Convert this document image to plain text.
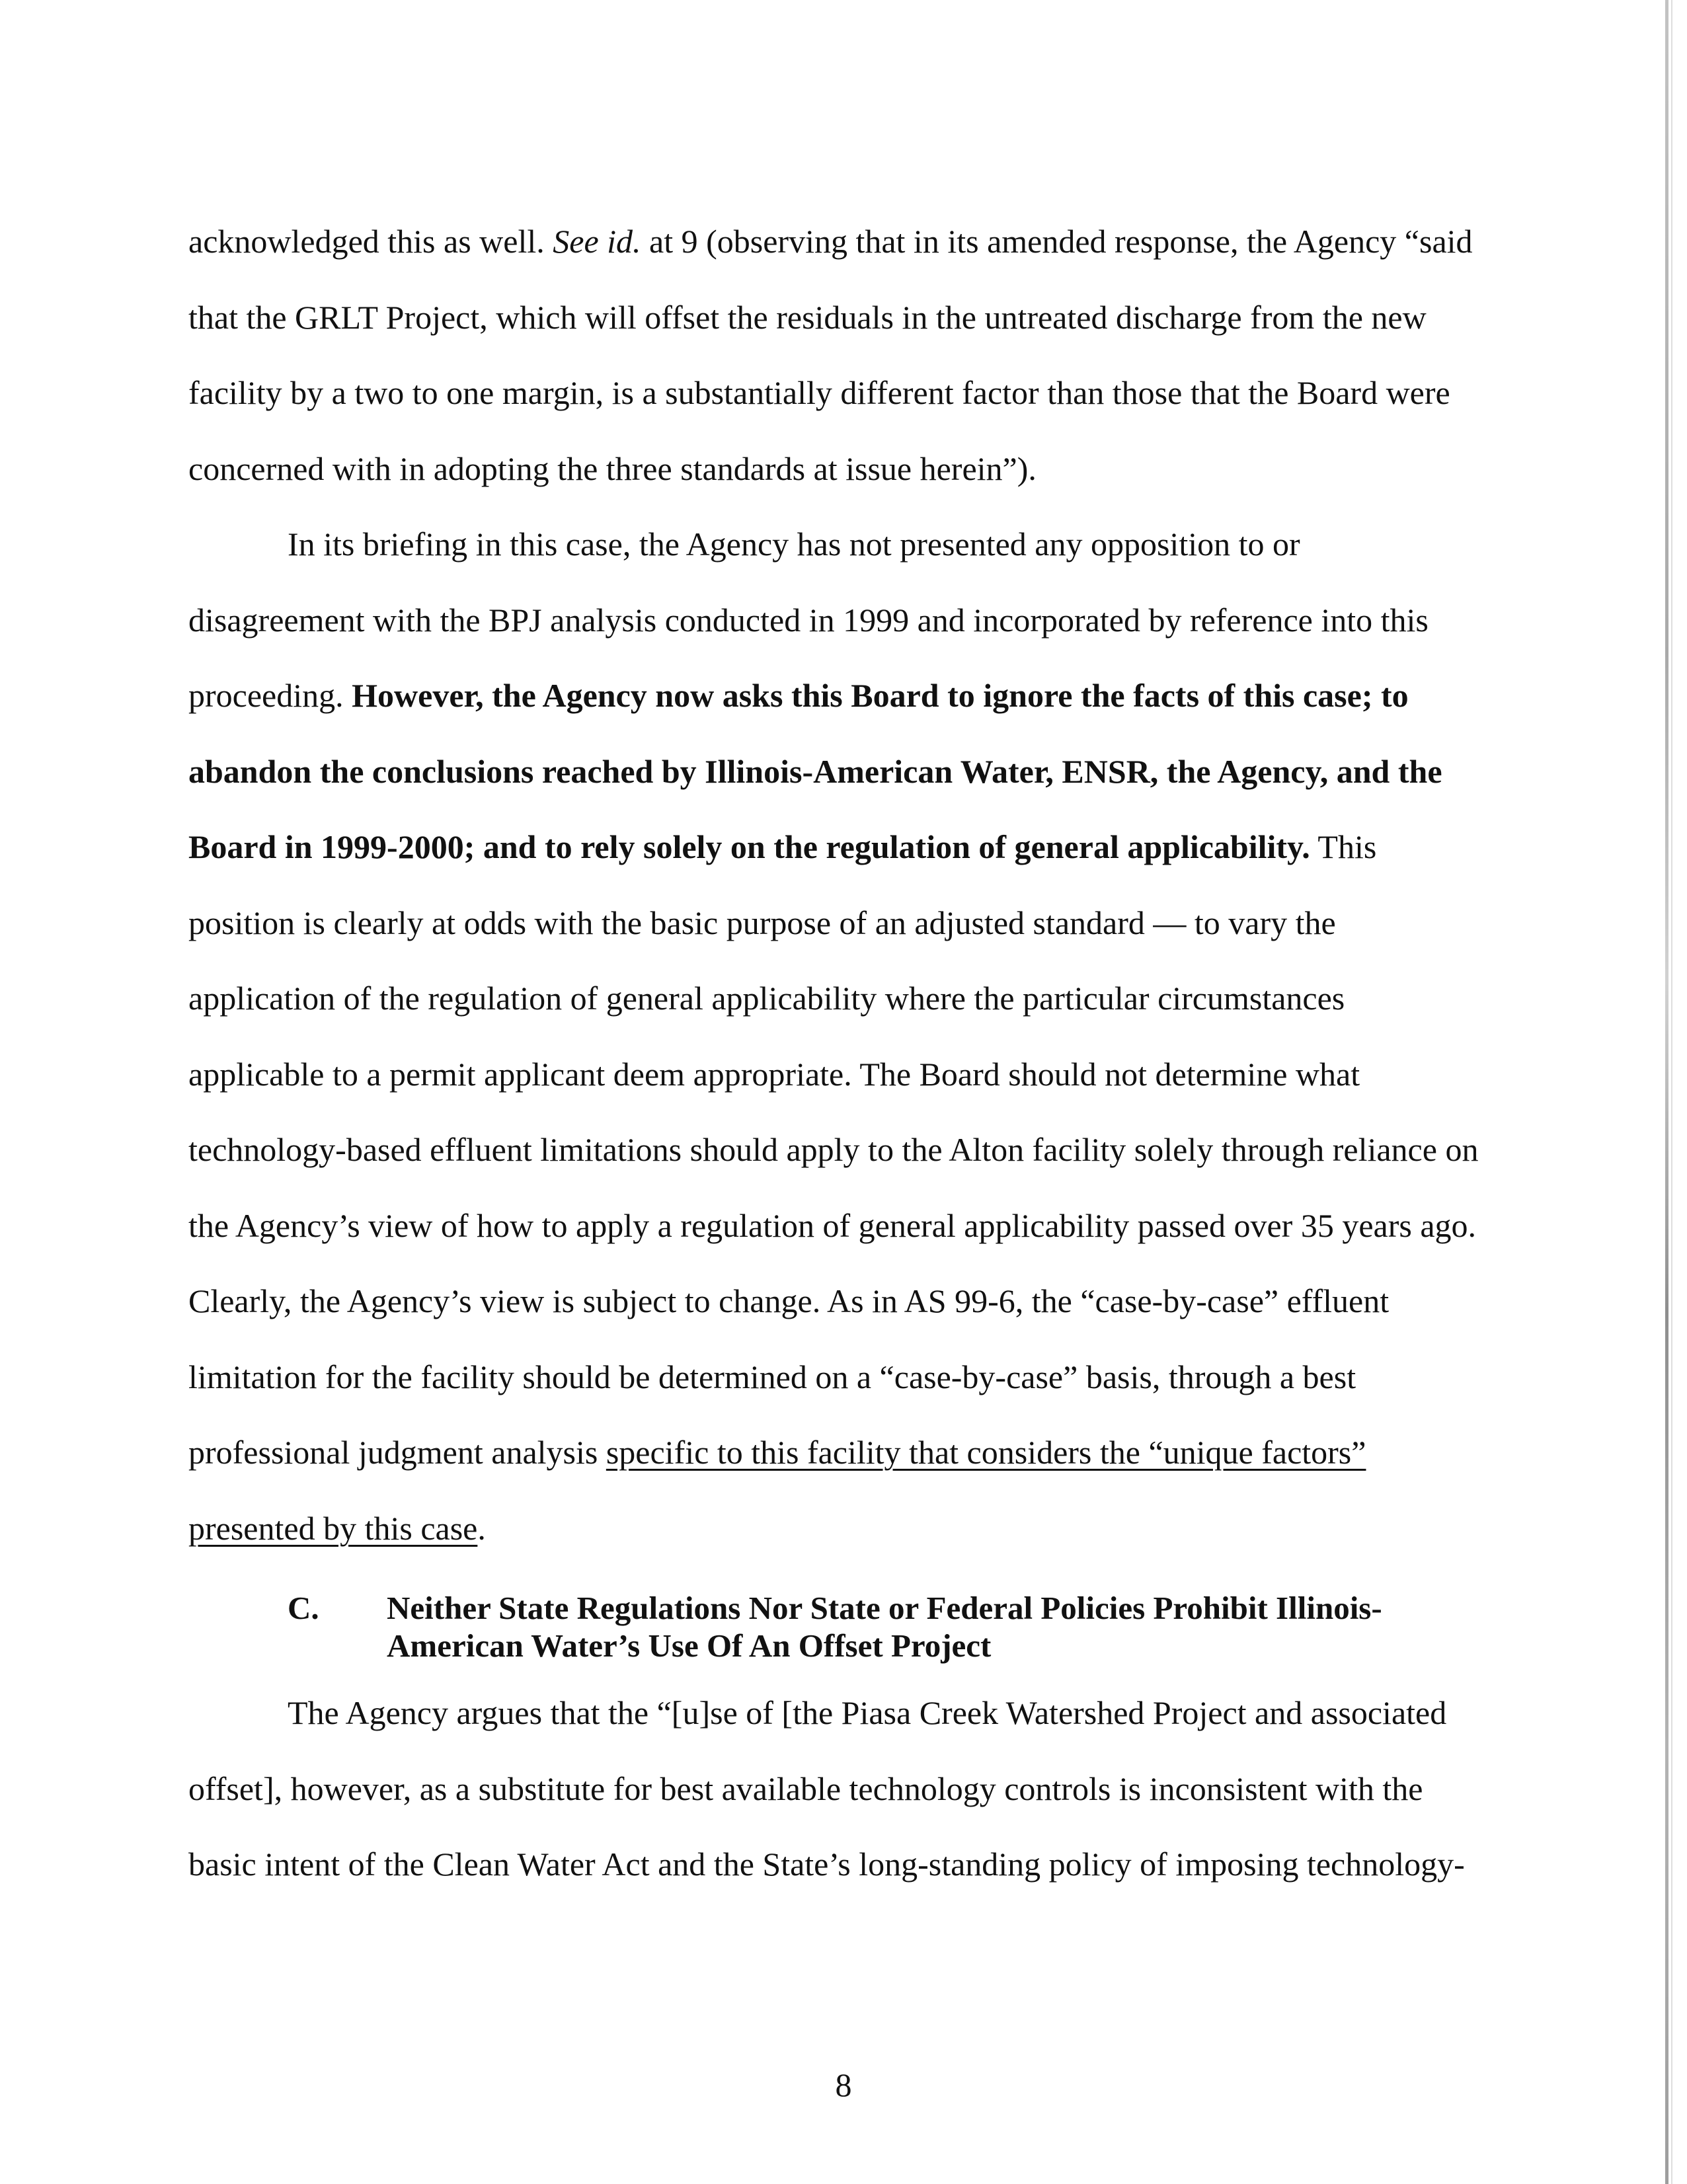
acknowledged this as well. See id. at 9 (observing that in its amended response, the Agency “said that the GRLT Project, which will offset the residuals in the untreated discharge from the new facility by a two to one margin, is a substantially different factor than those that the Board were concerned with in adopting the three standards at issue herein”).

In its briefing in this case, the Agency has not presented any opposition to or disagreement with the BPJ analysis conducted in 1999 and incorporated by reference into this proceeding. However, the Agency now asks this Board to ignore the facts of this case; to abandon the conclusions reached by Illinois-American Water, ENSR, the Agency, and the Board in 1999-2000; and to rely solely on the regulation of general applicability. This position is clearly at odds with the basic purpose of an adjusted standard — to vary the application of the regulation of general applicability where the particular circumstances applicable to a permit applicant deem appropriate. The Board should not determine what technology-based effluent limitations should apply to the Alton facility solely through reliance on the Agency’s view of how to apply a regulation of general applicability passed over 35 years ago. Clearly, the Agency’s view is subject to change. As in AS 99-6, the “case-by-case” effluent limitation for the facility should be determined on a “case-by-case” basis, through a best professional judgment analysis specific to this facility that considers the “unique factors” presented by this case.

C. Neither State Regulations Nor State or Federal Policies Prohibit Illinois-American Water’s Use Of An Offset Project

The Agency argues that the “[u]se of [the Piasa Creek Watershed Project and associated offset], however, as a substitute for best available technology controls is inconsistent with the basic intent of the Clean Water Act and the State’s long-standing policy of imposing technology-

8
